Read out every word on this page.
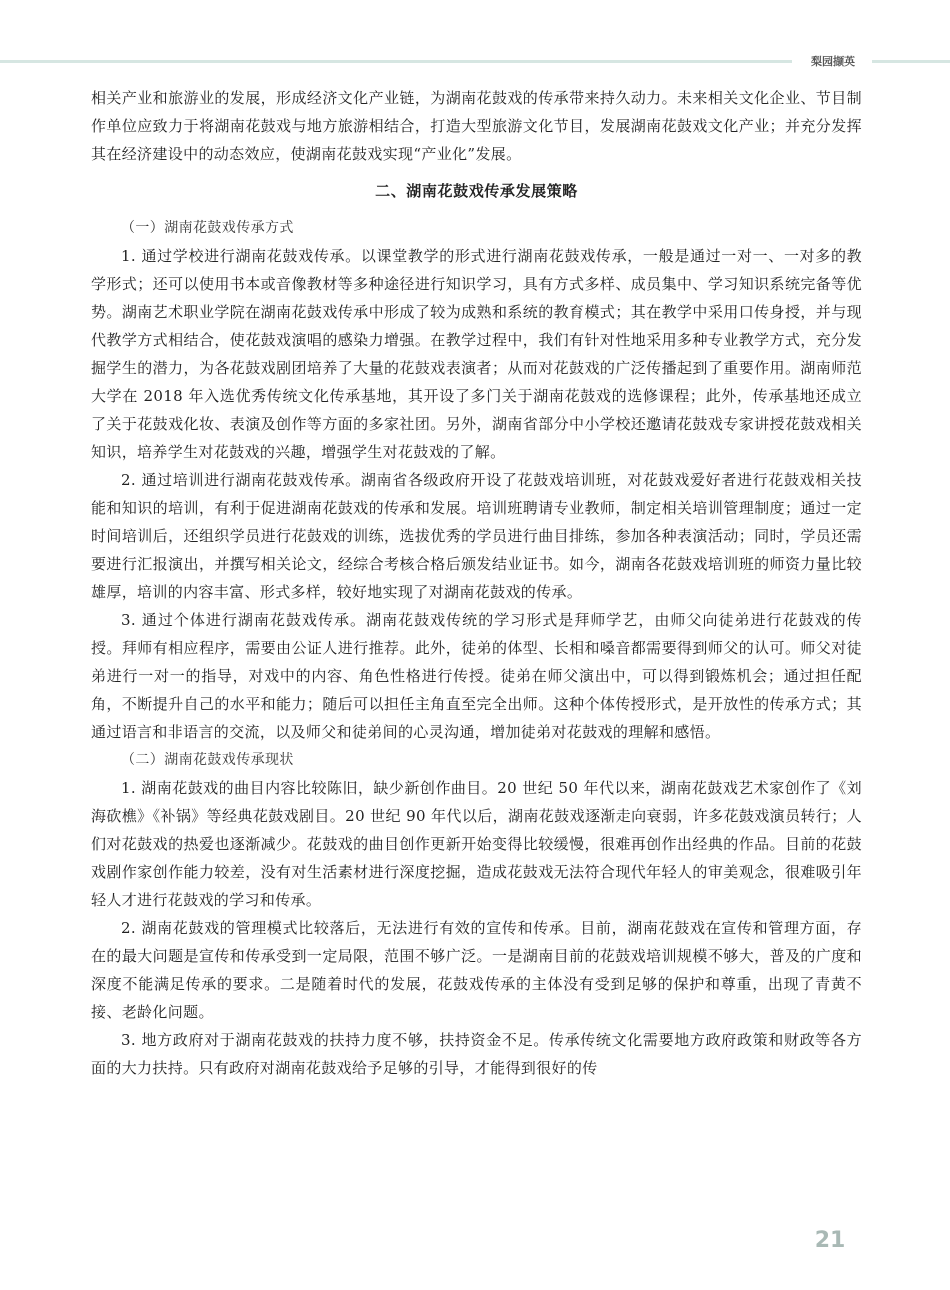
梨园撷英

相关产业和旅游业的发展，形成经济文化产业链，为湖南花鼓戏的传承带来持久动力。未来相关文化企业、节目制作单位应致力于将湖南花鼓戏与地方旅游相结合，打造大型旅游文化节目，发展湖南花鼓戏文化产业；并充分发挥其在经济建设中的动态效应，使湖南花鼓戏实现“产业化”发展。

二、湖南花鼓戏传承发展策略

（一）湖南花鼓戏传承方式

1. 通过学校进行湖南花鼓戏传承。以课堂教学的形式进行湖南花鼓戏传承，一般是通过一对一、一对多的教学形式；还可以使用书本或音像教材等多种途径进行知识学习，具有方式多样、成员集中、学习知识系统完备等优势。湖南艺术职业学院在湖南花鼓戏传承中形成了较为成熟和系统的教育模式；其在教学中采用口传身授，并与现代教学方式相结合，使花鼓戏演唱的感染力增强。在教学过程中，我们有针对性地采用多种专业教学方式，充分发掘学生的潜力，为各花鼓戏剧团培养了大量的花鼓戏表演者；从而对花鼓戏的广泛传播起到了重要作用。湖南师范大学在 2018 年入选优秀传统文化传承基地，其开设了多门关于湖南花鼓戏的选修课程；此外，传承基地还成立了关于花鼓戏化妆、表演及创作等方面的多家社团。另外，湖南省部分中小学校还邀请花鼓戏专家讲授花鼓戏相关知识，培养学生对花鼓戏的兴趣，增强学生对花鼓戏的了解。

2. 通过培训进行湖南花鼓戏传承。湖南省各级政府开设了花鼓戏培训班，对花鼓戏爱好者进行花鼓戏相关技能和知识的培训，有利于促进湖南花鼓戏的传承和发展。培训班聘请专业教师，制定相关培训管理制度；通过一定时间培训后，还组织学员进行花鼓戏的训练，选拔优秀的学员进行曲目排练，参加各种表演活动；同时，学员还需要进行汇报演出，并撰写相关论文，经综合考核合格后颁发结业证书。如今，湖南各花鼓戏培训班的师资力量比较雄厚，培训的内容丰富、形式多样，较好地实现了对湖南花鼓戏的传承。

3. 通过个体进行湖南花鼓戏传承。湖南花鼓戏传统的学习形式是拜师学艺，由师父向徒弟进行花鼓戏的传授。拜师有相应程序，需要由公证人进行推荐。此外，徒弟的体型、长相和嗓音都需要得到师父的认可。师父对徒弟进行一对一的指导，对戏中的内容、角色性格进行传授。徒弟在师父演出中，可以得到锻炼机会；通过担任配角，不断提升自己的水平和能力；随后可以担任主角直至完全出师。这种个体传授形式，是开放性的传承方式；其通过语言和非语言的交流，以及师父和徒弟间的心灵沟通，增加徒弟对花鼓戏的理解和感悟。

（二）湖南花鼓戏传承现状

1. 湖南花鼓戏的曲目内容比较陈旧，缺少新创作曲目。20 世纪 50 年代以来，湖南花鼓戏艺术家创作了《刘海砍樵》《补锅》等经典花鼓戏剧目。20 世纪 90 年代以后，湖南花鼓戏逐渐走向衰弱，许多花鼓戏演员转行；人们对花鼓戏的热爱也逐渐减少。花鼓戏的曲目创作更新开始变得比较缓慢，很难再创作出经典的作品。目前的花鼓戏剧作家创作能力较差，没有对生活素材进行深度挖掘，造成花鼓戏无法符合现代年轻人的审美观念，很难吸引年轻人才进行花鼓戏的学习和传承。

2. 湖南花鼓戏的管理模式比较落后，无法进行有效的宣传和传承。目前，湖南花鼓戏在宣传和管理方面，存在的最大问题是宣传和传承受到一定局限，范围不够广泛。一是湖南目前的花鼓戏培训规模不够大，普及的广度和深度不能满足传承的要求。二是随着时代的发展，花鼓戏传承的主体没有受到足够的保护和尊重，出现了青黄不接、老龄化问题。

3. 地方政府对于湖南花鼓戏的扶持力度不够，扶持资金不足。传承传统文化需要地方政府政策和财政等各方面的大力扶持。只有政府对湖南花鼓戏给予足够的引导，才能得到很好的传

21
